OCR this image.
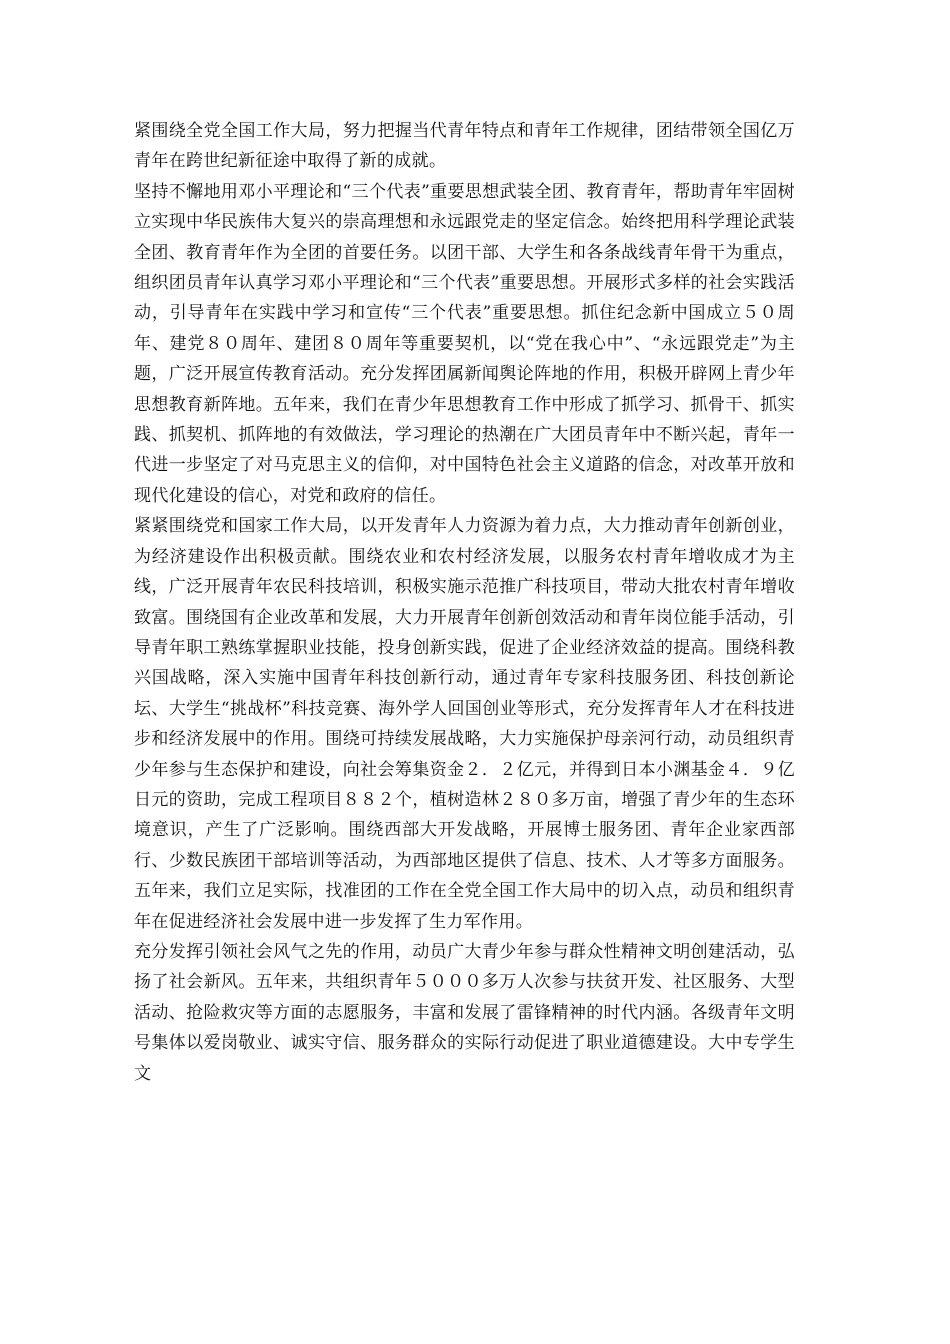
紧围绕全党全国工作大局，努力把握当代青年特点和青年工作规律，团结带领全国亿万青年在跨世纪新征途中取得了新的成就。

坚持不懈地用邓小平理论和“三个代表”重要思想武装全团、教育青年，帮助青年牢固树立实现中华民族伟大复兴的崇高理想和永远跟党走的坚定信念。始终把用科学理论武装全团、教育青年作为全团的首要任务。以团干部、大学生和各条战线青年骨干为重点，组织团员青年认真学习邓小平理论和“三个代表”重要思想。开展形式多样的社会实践活动，引导青年在实践中学习和宣传“三个代表”重要思想。抓住纪念新中国成立５０周年、建党８０周年、建团８０周年等重要契机，以“党在我心中”、“永远跟党走”为主题，广泛开展宣传教育活动。充分发挥团属新闻舆论阵地的作用，积极开辟网上青少年思想教育新阵地。五年来，我们在青少年思想教育工作中形成了抓学习、抓骨干、抓实践、抓契机、抓阵地的有效做法，学习理论的热潮在广大团员青年中不断兴起，青年一代进一步坚定了对马克思主义的信仰，对中国特色社会主义道路的信念，对改革开放和现代化建设的信心，对党和政府的信任。

紧紧围绕党和国家工作大局，以开发青年人力资源为着力点，大力推动青年创新创业，为经济建设作出积极贡献。围绕农业和农村经济发展，以服务农村青年增收成才为主线，广泛开展青年农民科技培训，积极实施示范推广科技项目，带动大批农村青年增收致富。围绕国有企业改革和发展，大力开展青年创新创效活动和青年岗位能手活动，引导青年职工熟练掌握职业技能，投身创新实践，促进了企业经济效益的提高。围绕科教兴国战略，深入实施中国青年科技创新行动，通过青年专家科技服务团、科技创新论坛、大学生“挑战杯”科技竞赛、海外学人回国创业等形式，充分发挥青年人才在科技进步和经济发展中的作用。围绕可持续发展战略，大力实施保护母亲河行动，动员组织青少年参与生态保护和建设，向社会筹集资金２．２亿元，并得到日本小渊基金４．９亿日元的资助，完成工程项目８８２个，植树造林２８０多万亩，增强了青少年的生态环境意识，产生了广泛影响。围绕西部大开发战略，开展博士服务团、青年企业家西部行、少数民族团干部培训等活动，为西部地区提供了信息、技术、人才等多方面服务。五年来，我们立足实际，找准团的工作在全党全国工作大局中的切入点，动员和组织青年在促进经济社会发展中进一步发挥了生力军作用。

充分发挥引领社会风气之先的作用，动员广大青少年参与群众性精神文明创建活动，弘扬了社会新风。五年来，共组织青年５０００多万人次参与扶贫开发、社区服务、大型活动、抢险救灾等方面的志愿服务，丰富和发展了雷锋精神的时代内涵。各级青年文明号集体以爱岗敬业、诚实守信、服务群众的实际行动促进了职业道德建设。大中专学生文
